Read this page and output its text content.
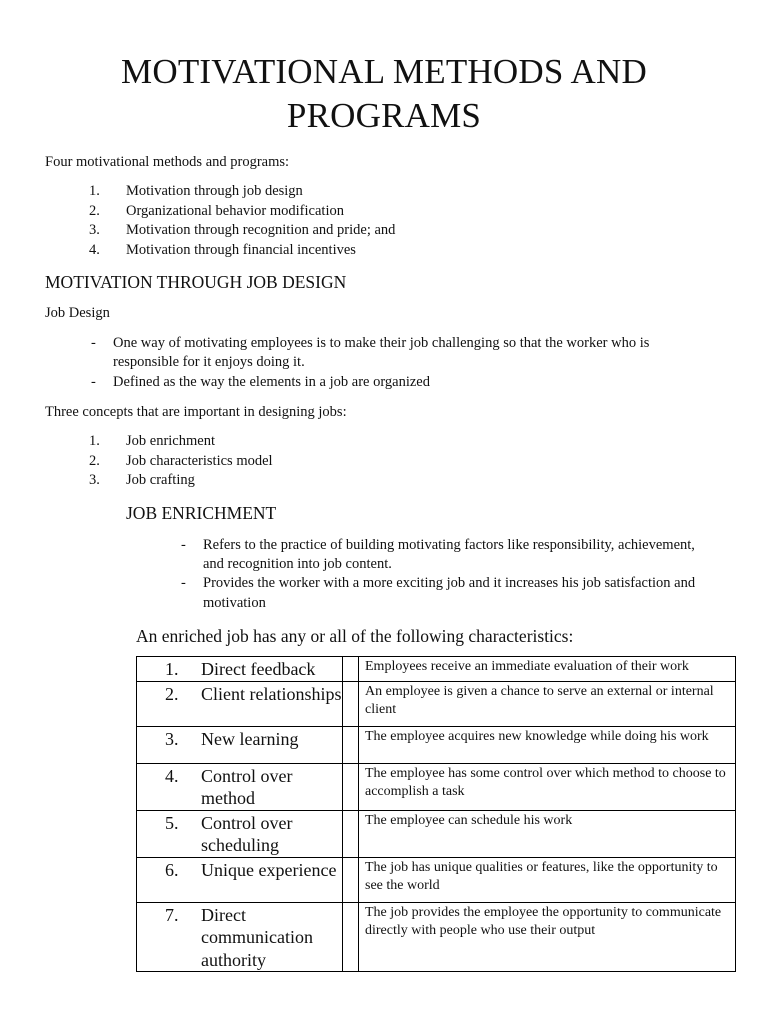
MOTIVATIONAL METHODS AND
PROGRAMS
Four motivational methods and programs:
1. Motivation through job design
2. Organizational behavior modification
3. Motivation through recognition and pride; and
4. Motivation through financial incentives
MOTIVATION THROUGH JOB DESIGN
Job Design
- One way of motivating employees is to make their job challenging so that the worker who is
responsible for it enjoys doing it.
- Defined as the way the elements in a job are organized
Three concepts that are important in designing jobs:
1. Job enrichment
2. Job characteristics model
3. Job crafting
JOB ENRICHMENT
- Refers to the practice of building motivating factors like responsibility, achievement,
and recognition into job content.
- Provides the worker with a more exciting job and it increases his job satisfaction and
motivation
An enriched job has any or all of the following characteristics:
1. Direct feedback		Employees receive an immediate evaluation of their work

2. Client relationships		An employee is given a chance to serve an external or internal client

3. New learning		The employee acquires new knowledge while doing his work

4. Control over method		The employee has some control over which method to choose to accomplish a task

5. Control over scheduling		The employee can schedule his work

6. Unique experience		The job has unique qualities or features, like the opportunity to see the world

7. Direct communication authority		The job provides the employee the opportunity to communicate directly with people who use their output
